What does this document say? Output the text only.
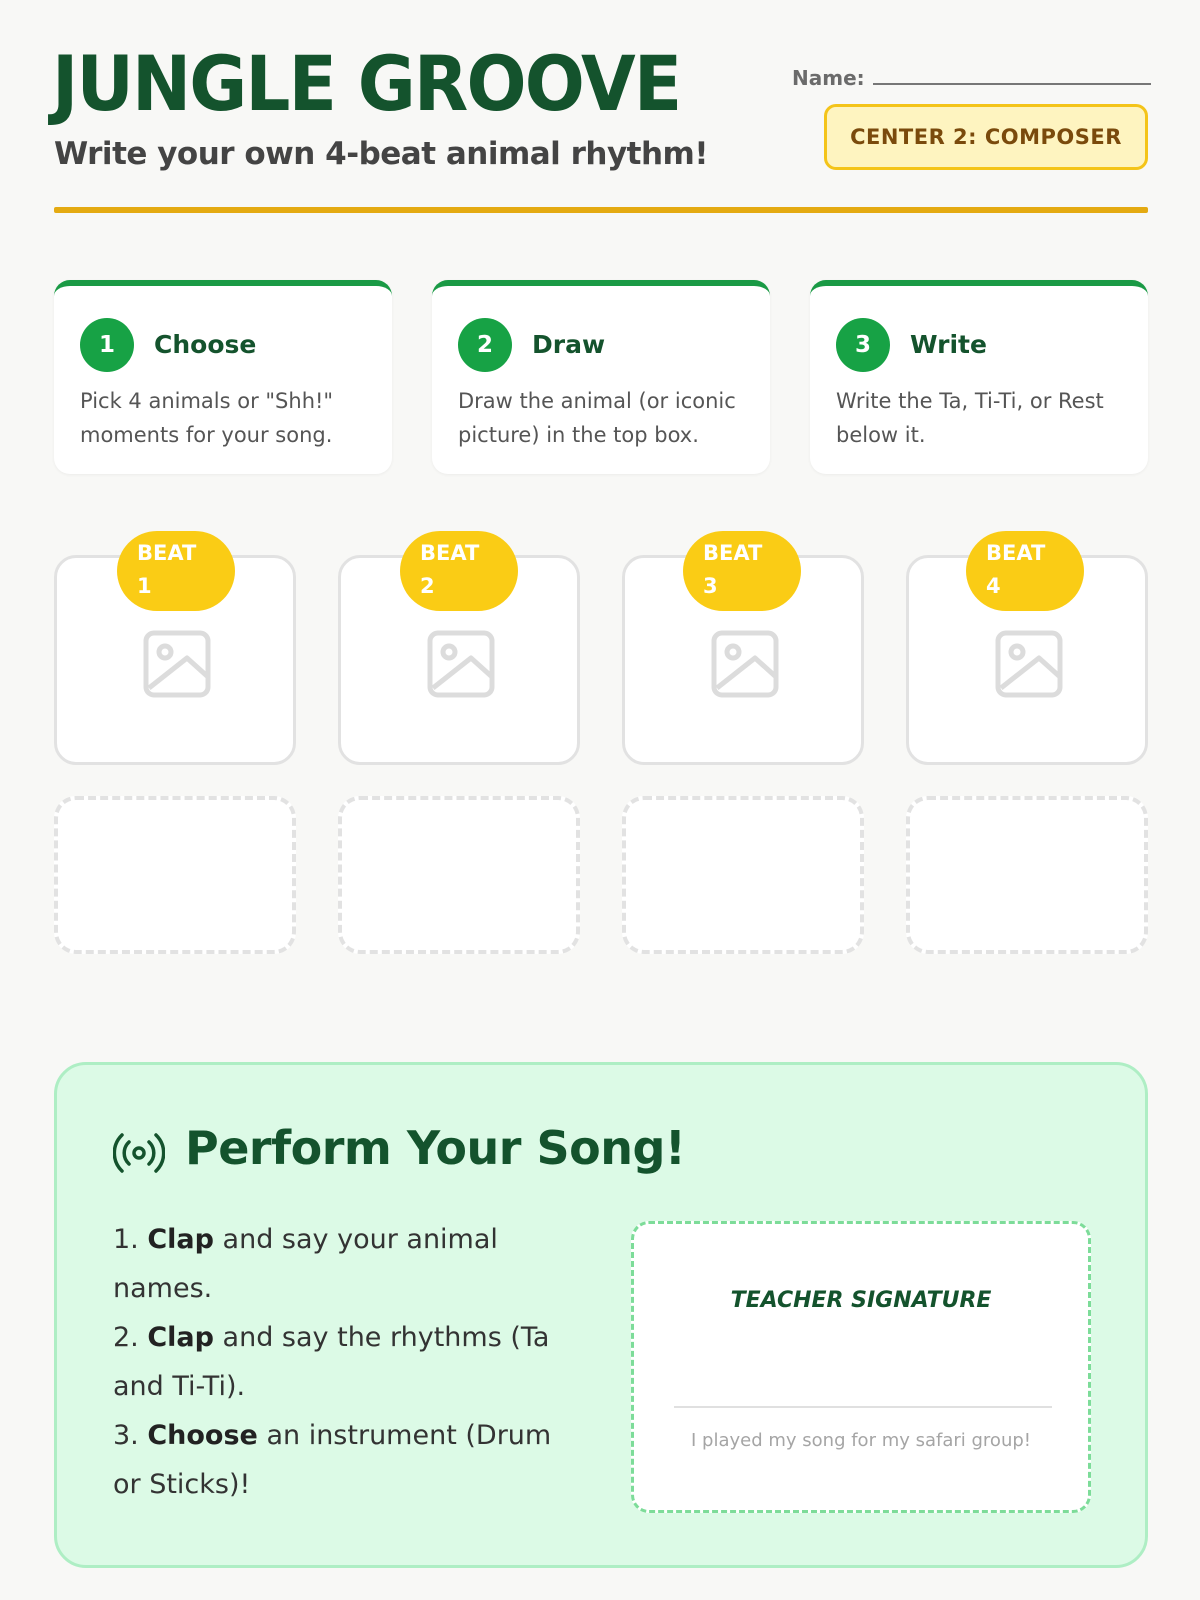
JUNGLE GROOVE
Write your own 4-beat animal rhythm!
Name:
CENTER 2: COMPOSER
1	Choose
Pick 4 animals or "Shh!" moments for your song.
2	Draw
Draw the animal (or iconic picture) in the top box.
3	Write
Write the Ta, Ti-Ti, or Rest below it.
BEAT
1
BEAT
2
BEAT
3
BEAT
4
Perform Your Song!
1. Clap and say your animal names.
2. Clap and say the rhythms (Ta and Ti-Ti).
3. Choose an instrument (Drum or Sticks)!
TEACHER SIGNATURE
I played my song for my safari group!
